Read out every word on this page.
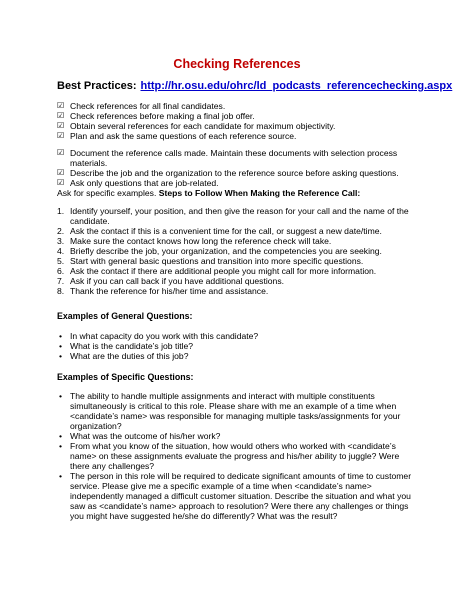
Checking References
Best Practices: http://hr.osu.edu/ohrc/ld_podcasts_referencechecking.aspx
☑ Check references for all final candidates.
☑ Check references before making a final job offer.
☑ Obtain several references for each candidate for maximum objectivity.
☑ Plan and ask the same questions of each reference source.
☑ Document the reference calls made. Maintain these documents with selection process
materials.
☑ Describe the job and the organization to the reference source before asking questions.
☑ Ask only questions that are job-related.
Ask for specific examples. Steps to Follow When Making the Reference Call:
1. Identify yourself, your position, and then give the reason for your call and the name of the
candidate.
2. Ask the contact if this is a convenient time for the call, or suggest a new date/time.
3. Make sure the contact knows how long the reference check will take.
4. Briefly describe the job, your organization, and the competencies you are seeking.
5. Start with general basic questions and transition into more specific questions.
6. Ask the contact if there are additional people you might call for more information.
7. Ask if you can call back if you have additional questions.
8. Thank the reference for his/her time and assistance.
Examples of General Questions:
• In what capacity do you work with this candidate?
• What is the candidate’s job title?
• What are the duties of this job?
Examples of Specific Questions:
• The ability to handle multiple assignments and interact with multiple constituents
simultaneously is critical to this role. Please share with me an example of a time when
<candidate’s name> was responsible for managing multiple tasks/assignments for your
organization?
• What was the outcome of his/her work?
• From what you know of the situation, how would others who worked with <candidate’s
name> on these assignments evaluate the progress and his/her ability to juggle? Were
there any challenges?
• The person in this role will be required to dedicate significant amounts of time to customer
service. Please give me a specific example of a time when <candidate’s name>
independently managed a difficult customer situation. Describe the situation and what you
saw as <candidate’s name> approach to resolution? Were there any challenges or things
you might have suggested he/she do differently? What was the result?
